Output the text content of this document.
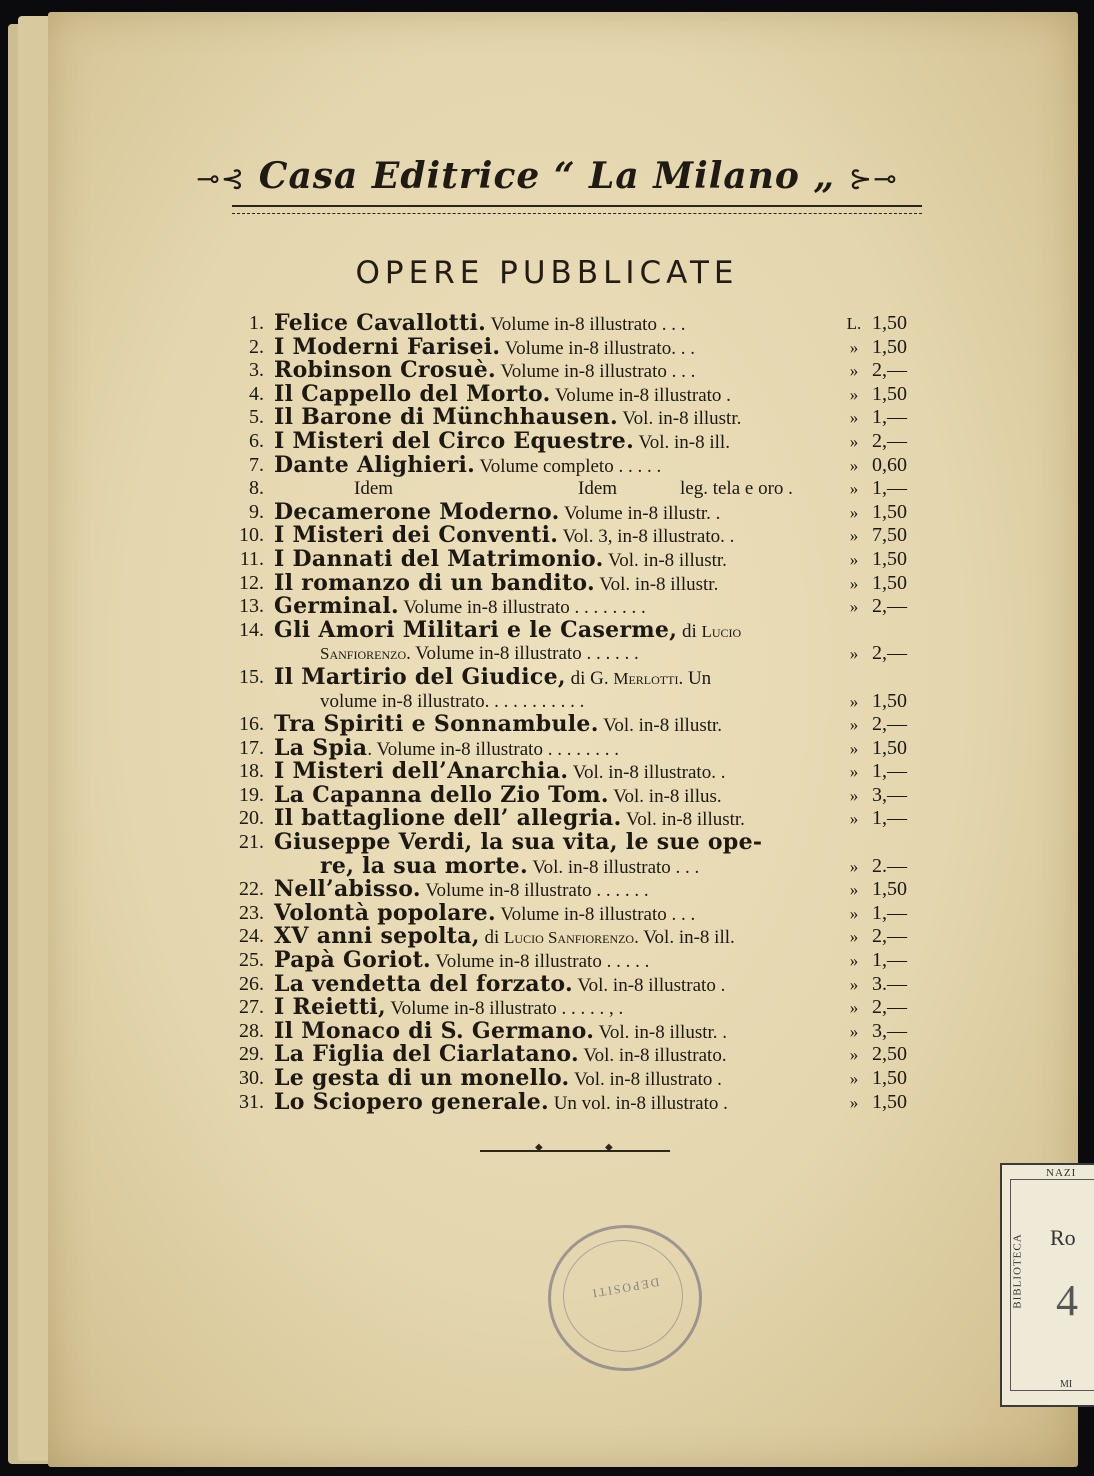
⊸⊰ Casa Editrice “ La Milano „ ⊱⊸
OPERE PUBBLICATE
1. Felice Cavallotti. Volume in-8 illustrato . . .	L. 1,50
2. I Moderni Farisei. Volume in-8 illustrato. . .	» 1,50
3. Robinson Crosuè. Volume in-8 illustrato . . .	» 2,—
4. Il Cappello del Morto. Volume in-8 illustrato .	» 1,50
5. Il Barone di Münchhausen. Vol. in-8 illustr.	» 1,—
6. I Misteri del Circo Equestre. Vol. in-8 ill.	» 2,—
7. Dante Alighieri. Volume completo . . . . .	» 0,60
8.	Idem	Idem	leg. tela e oro .	» 1,—
9. Decamerone Moderno. Volume in-8 illustr. .	» 1,50
10. I Misteri dei Conventi. Vol. 3, in-8 illustrato. .	» 7,50
11. I Dannati del Matrimonio. Vol. in-8 illustr.	» 1,50
12. Il romanzo di un bandito. Vol. in-8 illustr.	» 1,50
13. Germinal. Volume in-8 illustrato . . . . . . . .	» 2,—
14. Gli Amori Militari e le Caserme, di Lucio
Sanfiorenzo. Volume in-8 illustrato . . . . . .	» 2,—
15. Il Martirio del Giudice, di G. Merlotti. Un
volume in-8 illustrato. . . . . . . . . . .	» 1,50
16. Tra Spiriti e Sonnambule. Vol. in-8 illustr.	» 2,—
17. La Spia. Volume in-8 illustrato . . . . . . . .	» 1,50
18. I Misteri dell’Anarchia. Vol. in-8 illustrato. .	» 1,—
19. La Capanna dello Zio Tom. Vol. in-8 illus.	» 3,—
20. Il battaglione dell’ allegria. Vol. in-8 illustr.	» 1,—
21. Giuseppe Verdi, la sua vita, le sue ope-
re, la sua morte. Vol. in-8 illustrato . . .	» 2.—
22. Nell’abisso. Volume in-8 illustrato . . . . . .	» 1,50
23. Volontà popolare. Volume in-8 illustrato . . .	» 1,—
24. XV anni sepolta, di Lucio Sanfiorenzo. Vol. in-8 ill.	» 2,—
25. Papà Goriot. Volume in-8 illustrato . . . . .	» 1,—
26. La vendetta del forzato. Vol. in-8 illustrato .	» 3.—
27. I Reietti, Volume in-8 illustrato . . . . . , .	» 2,—
28. Il Monaco di S. Germano. Vol. in-8 illustr. .	» 3,—
29. La Figlia del Ciarlatano. Vol. in-8 illustrato.	» 2,50
30. Le gesta di un monello. Vol. in-8 illustrato .	» 1,50
31. Lo Sciopero generale. Un vol. in-8 illustrato .	» 1,50
◆ ◆
DEPOSITI
NAZI
BIBLIOTECA Ro
4
MI
